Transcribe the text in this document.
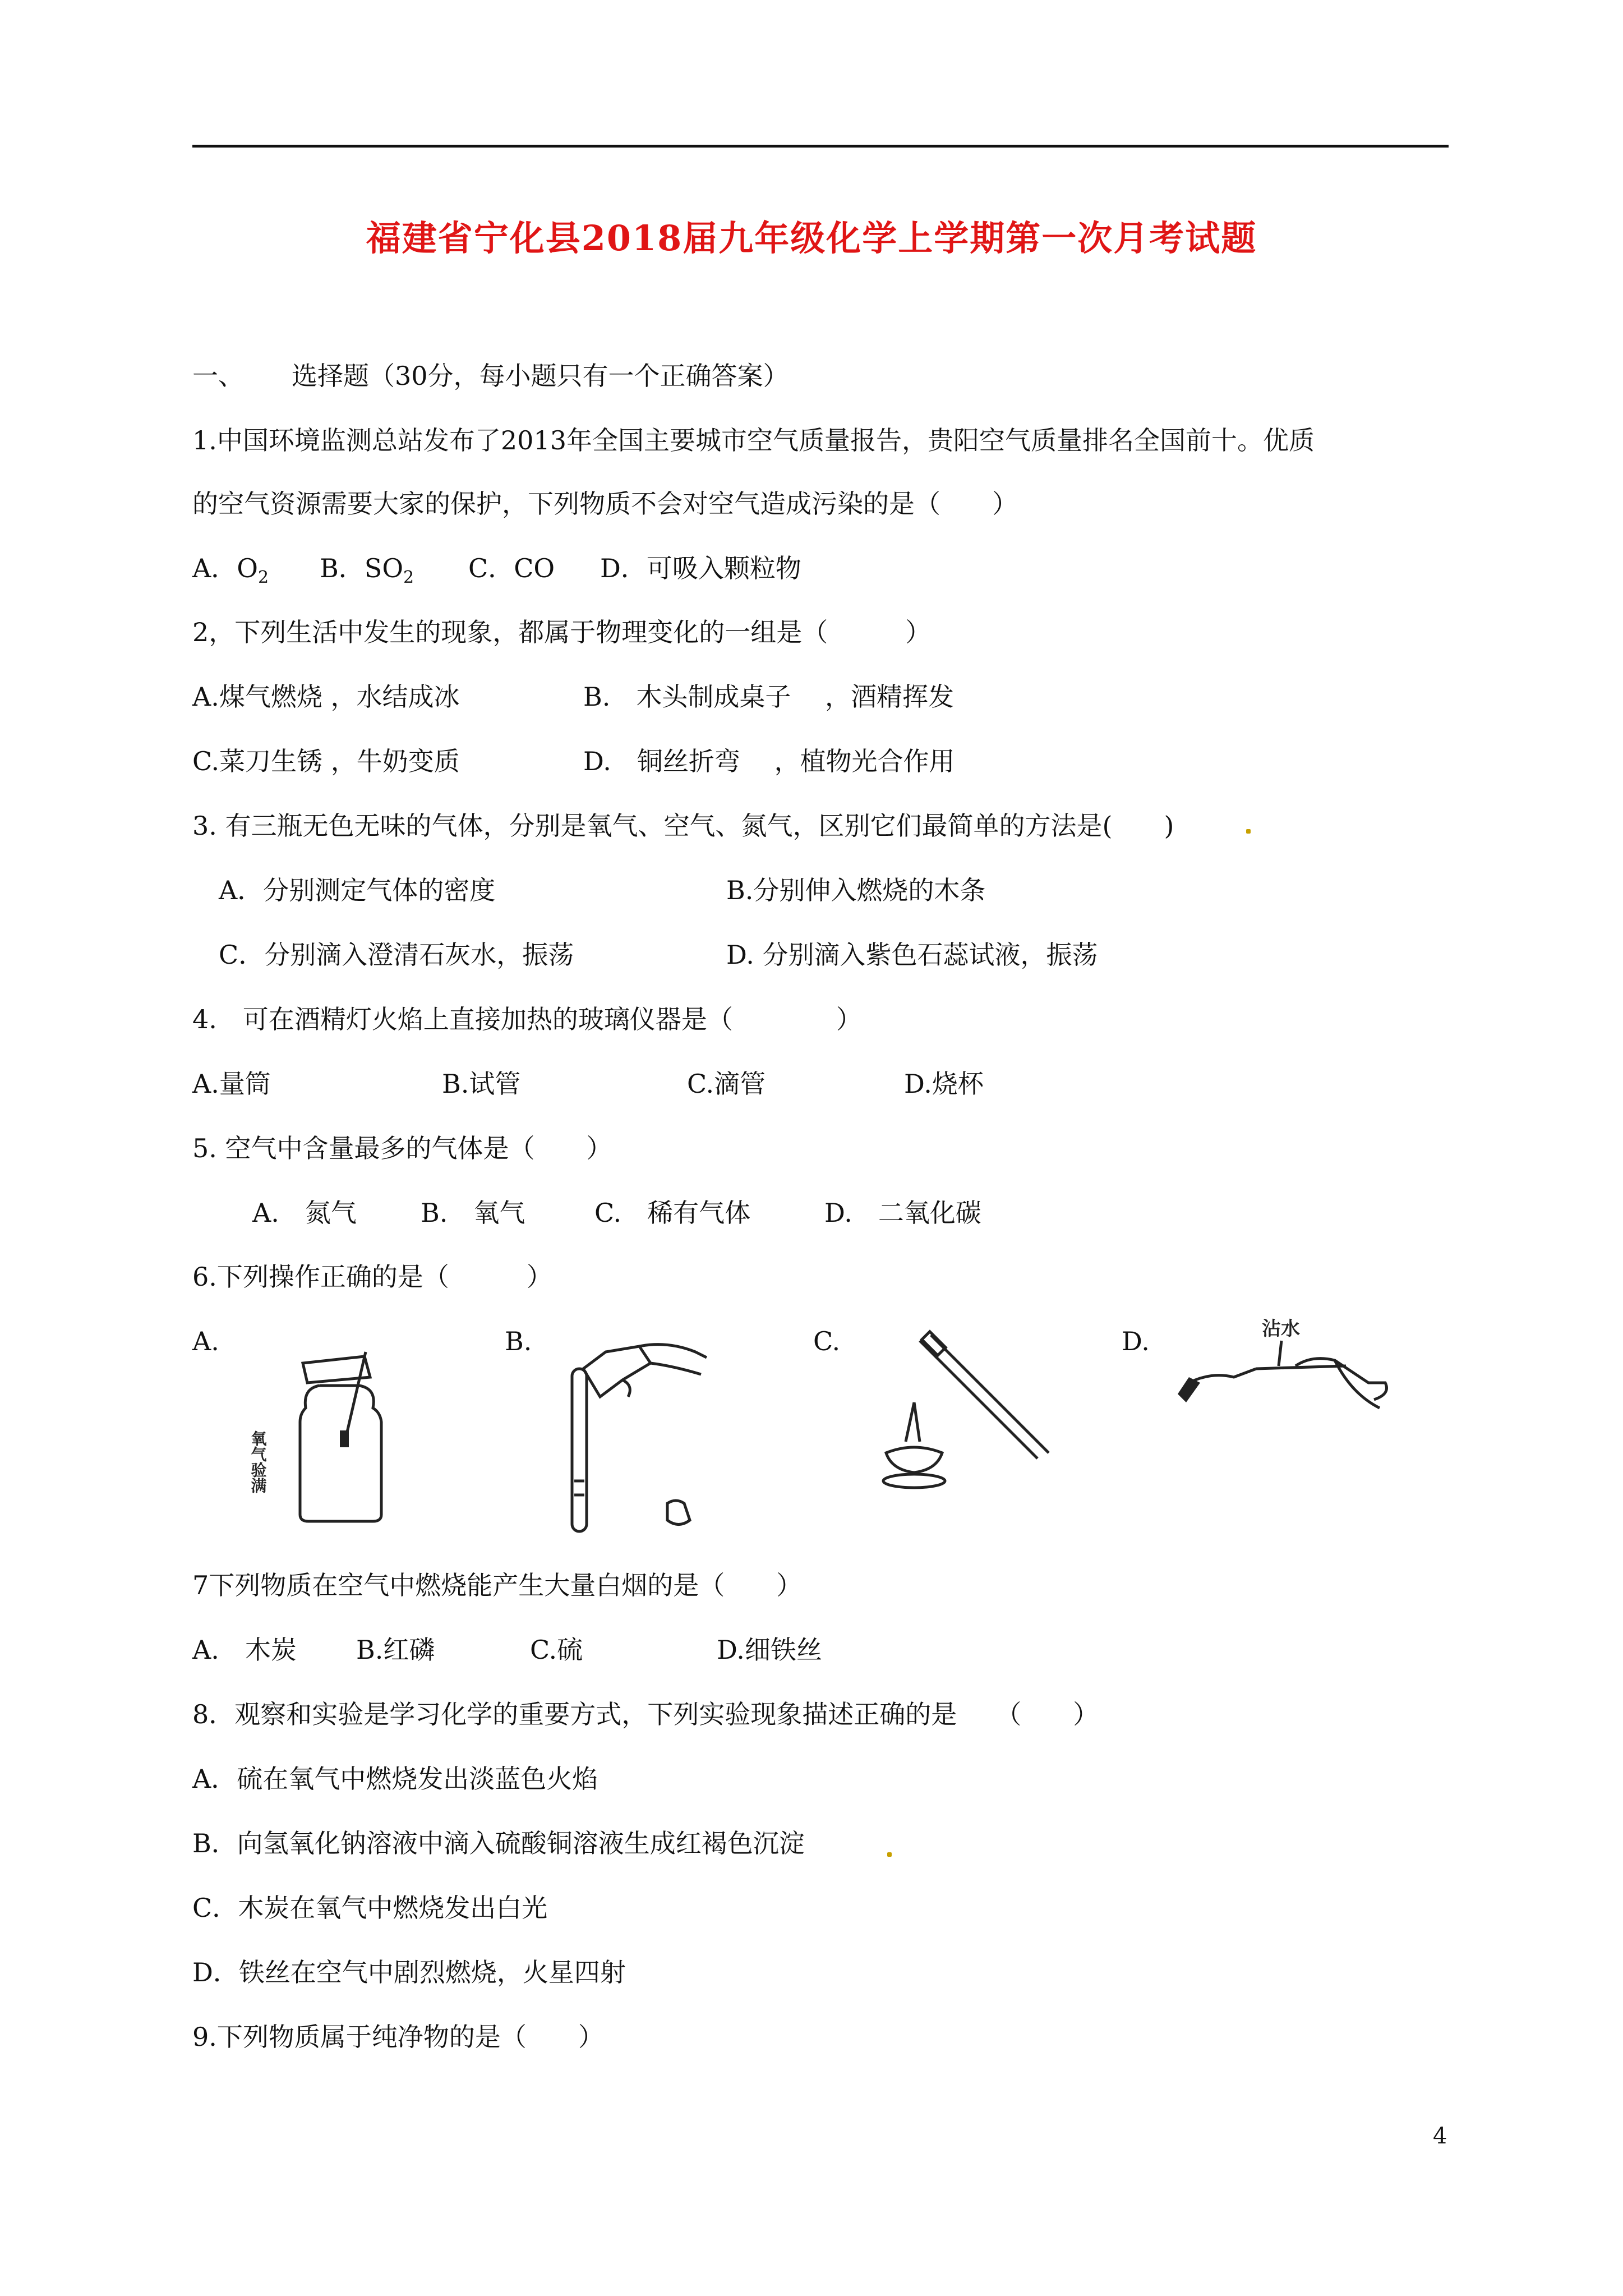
福建省宁化县2018届九年级化学上学期第一次月考试题
一、 选择题（30分，每小题只有一个正确答案）
1.中国环境监测总站发布了2013年全国主要城市空气质量报告，贵阳空气质量排名全国前十。优质
的空气资源需要大家的保护，下列物质不会对空气造成污染的是（　　）
A．$O_2$ B．$SO_2$ C．CO D．可吸入颗粒物
2，下列生活中发生的现象，都属于物理变化的一组是（　　　）
A.煤气燃烧 ，水结成冰	B.　木头制成桌子　 ，酒精挥发
C.菜刀生锈 ，牛奶变质	D.　铜丝折弯　 ，植物光合作用
3. 有三瓶无色无味的气体，分别是氧气、空气、氮气，区别它们最简单的方法是(　　)
A．分别测定气体的密度	B.分别伸入燃烧的木条
C．分别滴入澄清石灰水，振荡	D. 分别滴入紫色石蕊试液，振荡
4.　可在酒精灯火焰上直接加热的玻璃仪器是（　　　　）
A.量筒	B.试管	C.滴管	D.烧杯
5. 空气中含量最多的气体是（　　）
A.　氮气 B.　氧气	C.　稀有气体	D.　二氧化碳
6.下列操作正确的是（　　　）
A.	B.	C.	D.
氧气验满
沾水
7下列物质在空气中燃烧能产生大量白烟的是（　　）
A.　木炭 B.红磷	C.硫	D.细铁丝
8．观察和实验是学习化学的重要方式，下列实验现象描述正确的是　　（　　）
A．硫在氧气中燃烧发出淡蓝色火焰
B．向氢氧化钠溶液中滴入硫酸铜溶液生成红褐色沉淀
C．木炭在氧气中燃烧发出白光
D．铁丝在空气中剧烈燃烧，火星四射
9.下列物质属于纯净物的是（　　）
4
